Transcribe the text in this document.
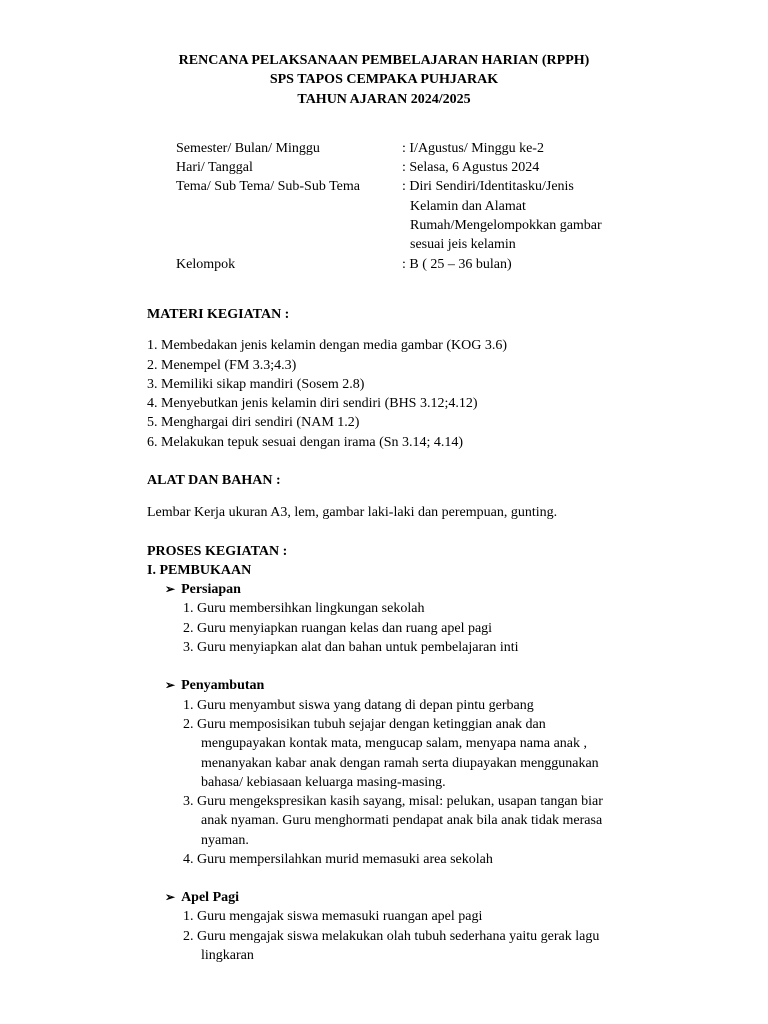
RENCANA PELAKSANAAN PEMBELAJARAN HARIAN (RPPH)
SPS TAPOS CEMPAKA PUHJARAK
TAHUN AJARAN 2024/2025
Semester/ Bulan/ Minggu	: I/Agustus/ Minggu ke-2
Hari/ Tanggal	: Selasa, 6 Agustus 2024
Tema/ Sub Tema/ Sub-Sub Tema	: Diri Sendiri/Identitasku/Jenis
Kelamin dan Alamat
Rumah/Mengelompokkan gambar
sesuai jeis kelamin
Kelompok	: B ( 25 – 36 bulan)
MATERI KEGIATAN :
1. Membedakan jenis kelamin dengan media gambar (KOG 3.6)
2. Menempel (FM 3.3;4.3)
3. Memiliki sikap mandiri (Sosem 2.8)
4. Menyebutkan jenis kelamin diri sendiri (BHS 3.12;4.12)
5. Menghargai diri sendiri (NAM 1.2)
6. Melakukan tepuk sesuai dengan irama (Sn 3.14; 4.14)
ALAT DAN BAHAN :
Lembar Kerja ukuran A3, lem, gambar laki-laki dan perempuan, gunting.
PROSES KEGIATAN :
I. PEMBUKAAN
➢ Persiapan
1. Guru membersihkan lingkungan sekolah
2. Guru menyiapkan ruangan kelas dan ruang apel pagi
3. Guru menyiapkan alat dan bahan untuk pembelajaran inti
➢ Penyambutan
1. Guru menyambut siswa yang datang di depan pintu gerbang
2. Guru memposisikan tubuh sejajar dengan ketinggian anak dan
mengupayakan kontak mata, mengucap salam, menyapa nama anak ,
menanyakan kabar anak dengan ramah serta diupayakan menggunakan
bahasa/ kebiasaan keluarga masing-masing.
3. Guru mengekspresikan kasih sayang, misal: pelukan, usapan tangan biar
anak nyaman. Guru menghormati pendapat anak bila anak tidak merasa
nyaman.
4. Guru mempersilahkan murid memasuki area sekolah
➢ Apel Pagi
1. Guru mengajak siswa memasuki ruangan apel pagi
2. Guru mengajak siswa melakukan olah tubuh sederhana yaitu gerak lagu
lingkaran
